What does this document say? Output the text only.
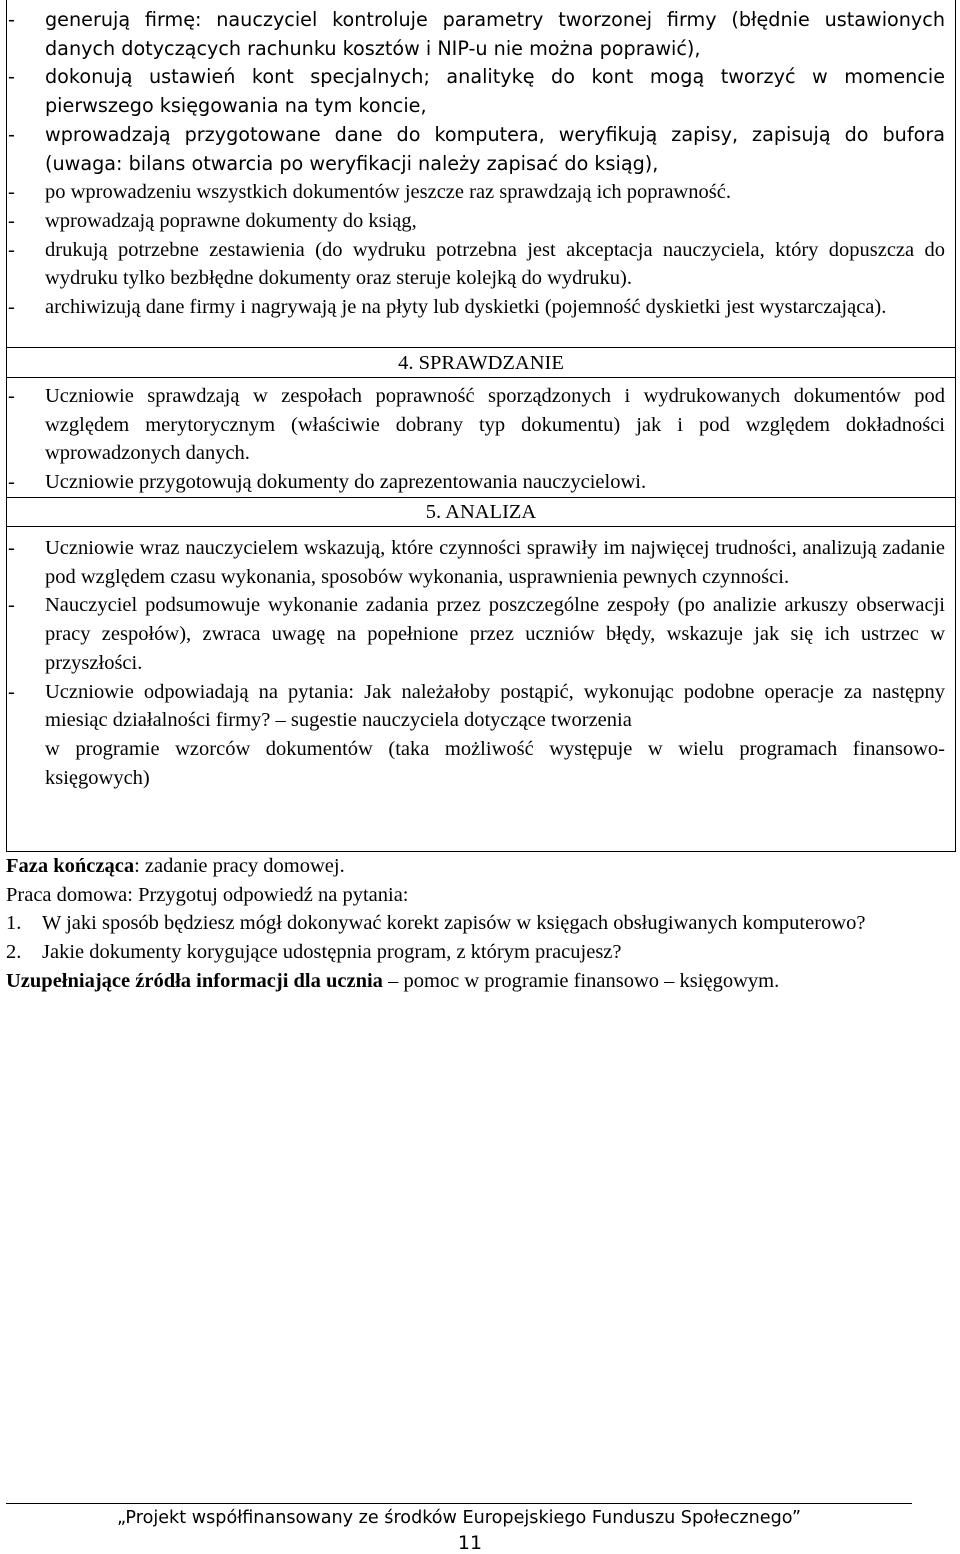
4. SPRAWDZANIE
5. ANALIZA
- generują firmę: nauczyciel kontroluje parametry tworzonej firmy (błędnie ustawionych danych dotyczących rachunku kosztów i NIP-u nie można poprawić),
- dokonują ustawień kont specjalnych; analitykę do kont mogą tworzyć w momencie pierwszego księgowania na tym koncie,
- wprowadzają przygotowane dane do komputera, weryfikują zapisy, zapisują do bufora (uwaga: bilans otwarcia po weryfikacji należy zapisać do ksiąg),
- po wprowadzeniu wszystkich dokumentów jeszcze raz sprawdzają ich poprawność.
- wprowadzają poprawne dokumenty do ksiąg,
- drukują potrzebne zestawienia (do wydruku potrzebna jest akceptacja nauczyciela, który dopuszcza do wydruku tylko bezbłędne dokumenty oraz steruje kolejką do wydruku).
- archiwizują dane firmy i nagrywają je na płyty lub dyskietki (pojemność dyskietki jest wystarczająca).
- Uczniowie sprawdzają w zespołach poprawność sporządzonych i wydrukowanych dokumentów pod względem merytorycznym (właściwie dobrany typ dokumentu) jak i pod względem dokładności wprowadzonych danych.
- Uczniowie przygotowują dokumenty do zaprezentowania nauczycielowi.
- Uczniowie wraz nauczycielem wskazują, które czynności sprawiły im najwięcej trudności, analizują zadanie pod względem czasu wykonania, sposobów wykonania, usprawnienia pewnych czynności.
- Nauczyciel podsumowuje wykonanie zadania przez poszczególne zespoły (po analizie arkuszy obserwacji pracy zespołów), zwraca uwagę na popełnione przez uczniów błędy, wskazuje jak się ich ustrzec w przyszłości.
- Uczniowie odpowiadają na pytania: Jak należałoby postąpić, wykonując podobne operacje za następny miesiąc działalności firmy? – sugestie nauczyciela dotyczące tworzenia
w programie wzorców dokumentów (taka możliwość występuje w wielu programach finansowo-księgowych)
Faza kończąca: zadanie pracy domowej.
Praca domowa: Przygotuj odpowiedź na pytania:
1. W jaki sposób będziesz mógł dokonywać korekt zapisów w księgach obsługiwanych komputerowo?
2. Jakie dokumenty korygujące udostępnia program, z którym pracujesz?
Uzupełniające źródła informacji dla ucznia – pomoc w programie finansowo – księgowym.
„Projekt współfinansowany ze środków Europejskiego Funduszu Społecznego”
11
